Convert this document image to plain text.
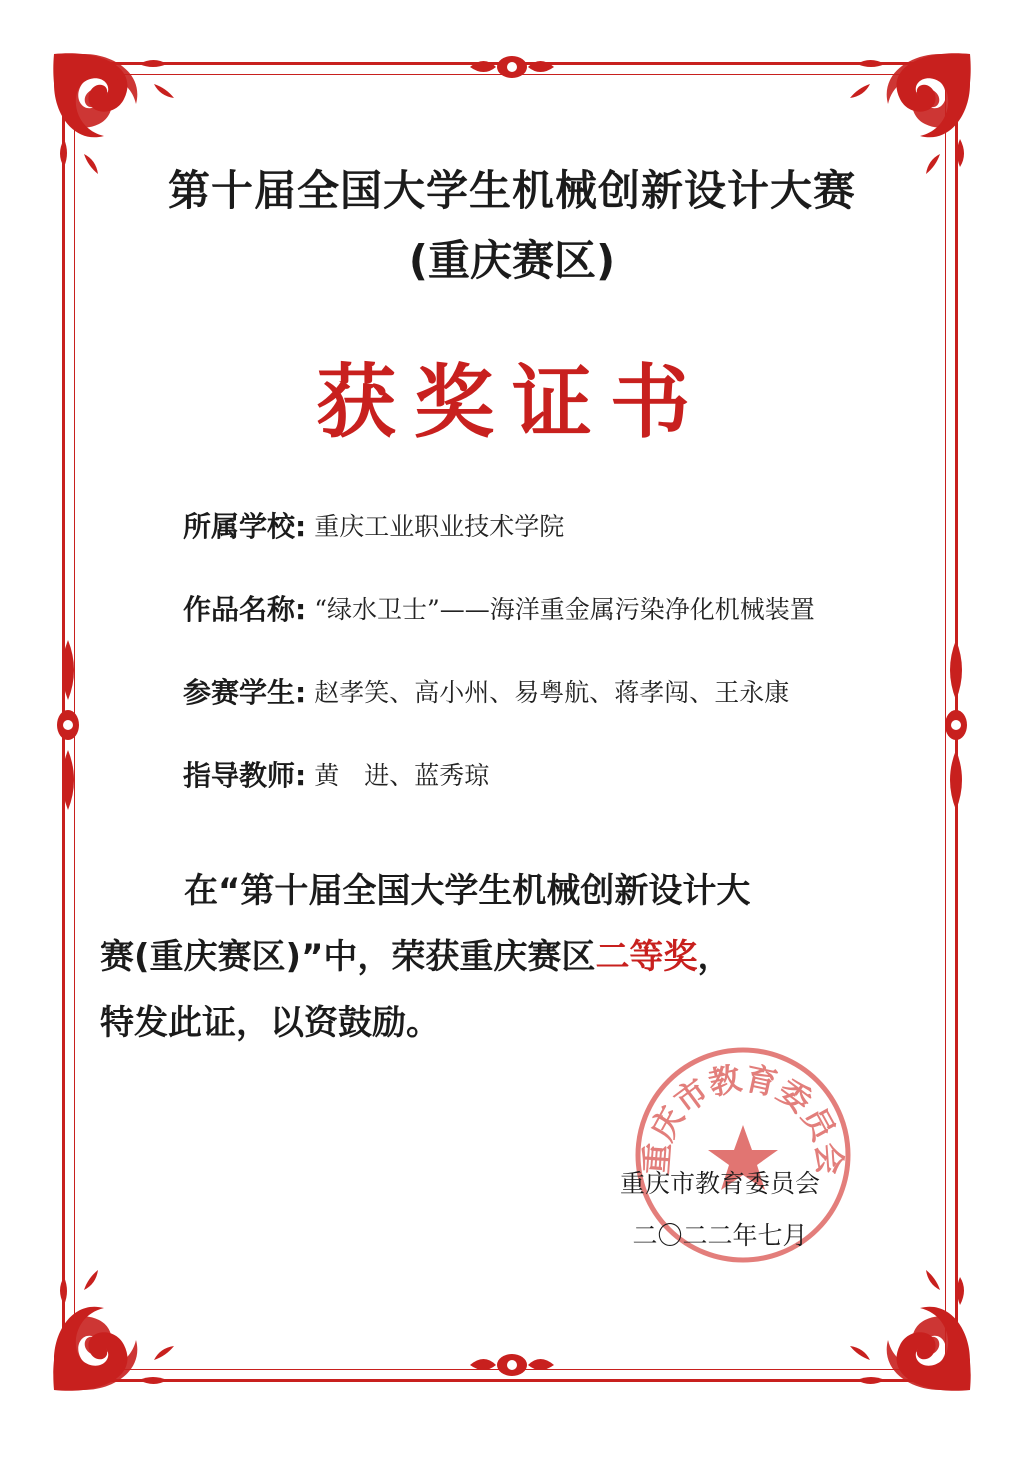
第十届全国大学生机械创新设计大赛
(重庆赛区)
获奖证书
所属学校: 重庆工业职业技术学院
作品名称: “绿水卫士”——海洋重金属污染净化机械装置
参赛学生: 赵孝笑、高小州、易粤航、蒋孝闯、王永康
指导教师: 黄　进、蓝秀琼
在“第十届全国大学生机械创新设计大
赛(重庆赛区)”中，荣获重庆赛区二等奖，
特发此证，以资鼓励。
重庆市教育委员会
重庆市教育委员会
二〇二二年七月
